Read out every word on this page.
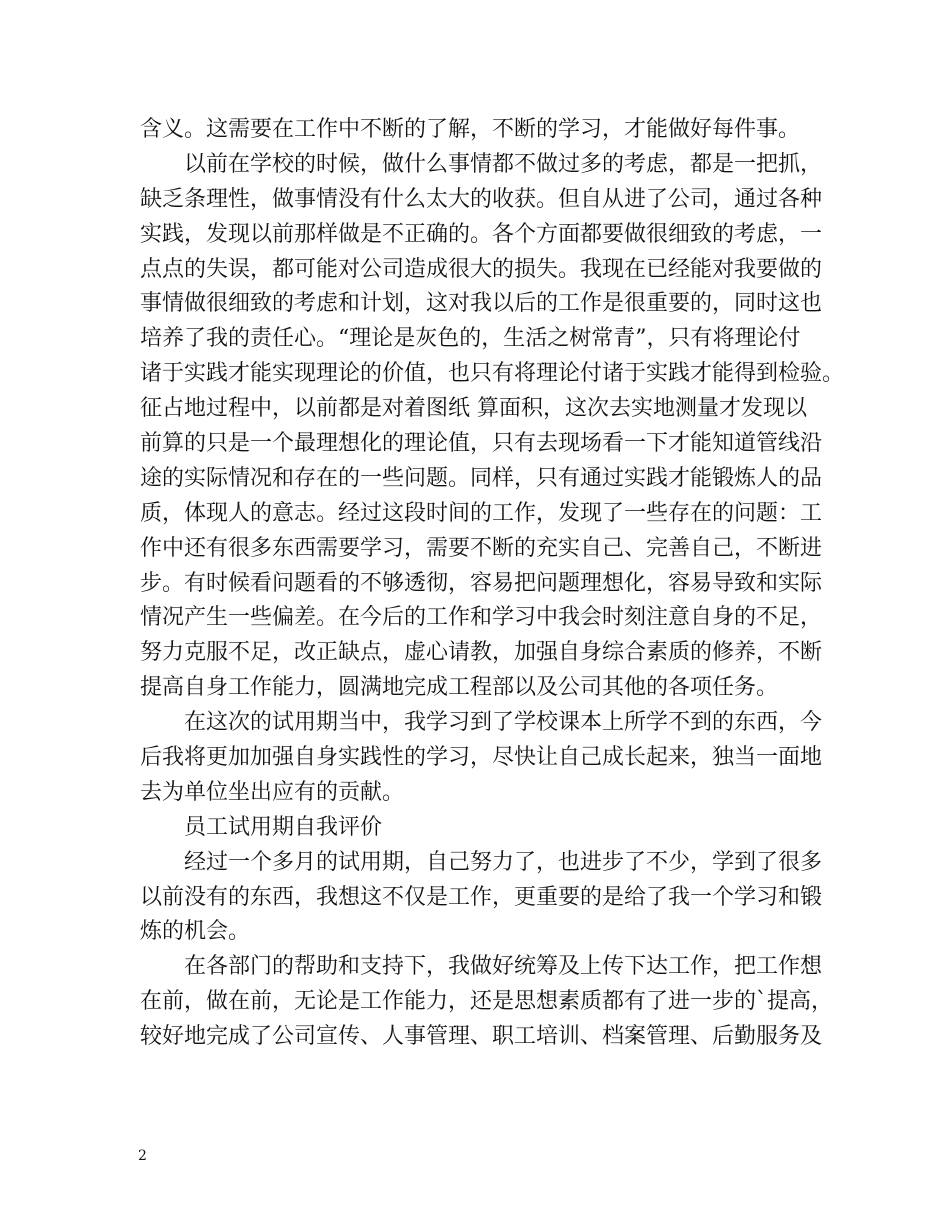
含义。这需要在工作中不断的了解，不断的学习，才能做好每件事。
以前在学校的时候，做什么事情都不做过多的考虑，都是一把抓，
缺乏条理性，做事情没有什么太大的收获。但自从进了公司，通过各种
实践，发现以前那样做是不正确的。各个方面都要做很细致的考虑，一
点点的失误，都可能对公司造成很大的损失。我现在已经能对我要做的
事情做很细致的考虑和计划，这对我以后的工作是很重要的，同时这也
培养了我的责任心。“理论是灰色的，生活之树常青”，只有将理论付
诸于实践才能实现理论的价值，也只有将理论付诸于实践才能得到检验。
征占地过程中，以前都是对着图纸 算面积，这次去实地测量才发现以
前算的只是一个最理想化的理论值，只有去现场看一下才能知道管线沿
途的实际情况和存在的一些问题。同样，只有通过实践才能锻炼人的品
质，体现人的意志。经过这段时间的工作，发现了一些存在的问题：工
作中还有很多东西需要学习，需要不断的充实自己、完善自己，不断进
步。有时候看问题看的不够透彻，容易把问题理想化，容易导致和实际
情况产生一些偏差。在今后的工作和学习中我会时刻注意自身的不足，
努力克服不足，改正缺点，虚心请教，加强自身综合素质的修养，不断
提高自身工作能力，圆满地完成工程部以及公司其他的各项任务。
在这次的试用期当中，我学习到了学校课本上所学不到的东西，今
后我将更加加强自身实践性的学习，尽快让自己成长起来，独当一面地
去为单位坐出应有的贡献。
员工试用期自我评价
经过一个多月的试用期，自己努力了，也进步了不少，学到了很多
以前没有的东西，我想这不仅是工作，更重要的是给了我一个学习和锻
炼的机会。
在各部门的帮助和支持下，我做好统筹及上传下达工作，把工作想
在前，做在前，无论是工作能力，还是思想素质都有了进一步的`提高，
较好地完成了公司宣传、人事管理、职工培训、档案管理、后勤服务及
2
